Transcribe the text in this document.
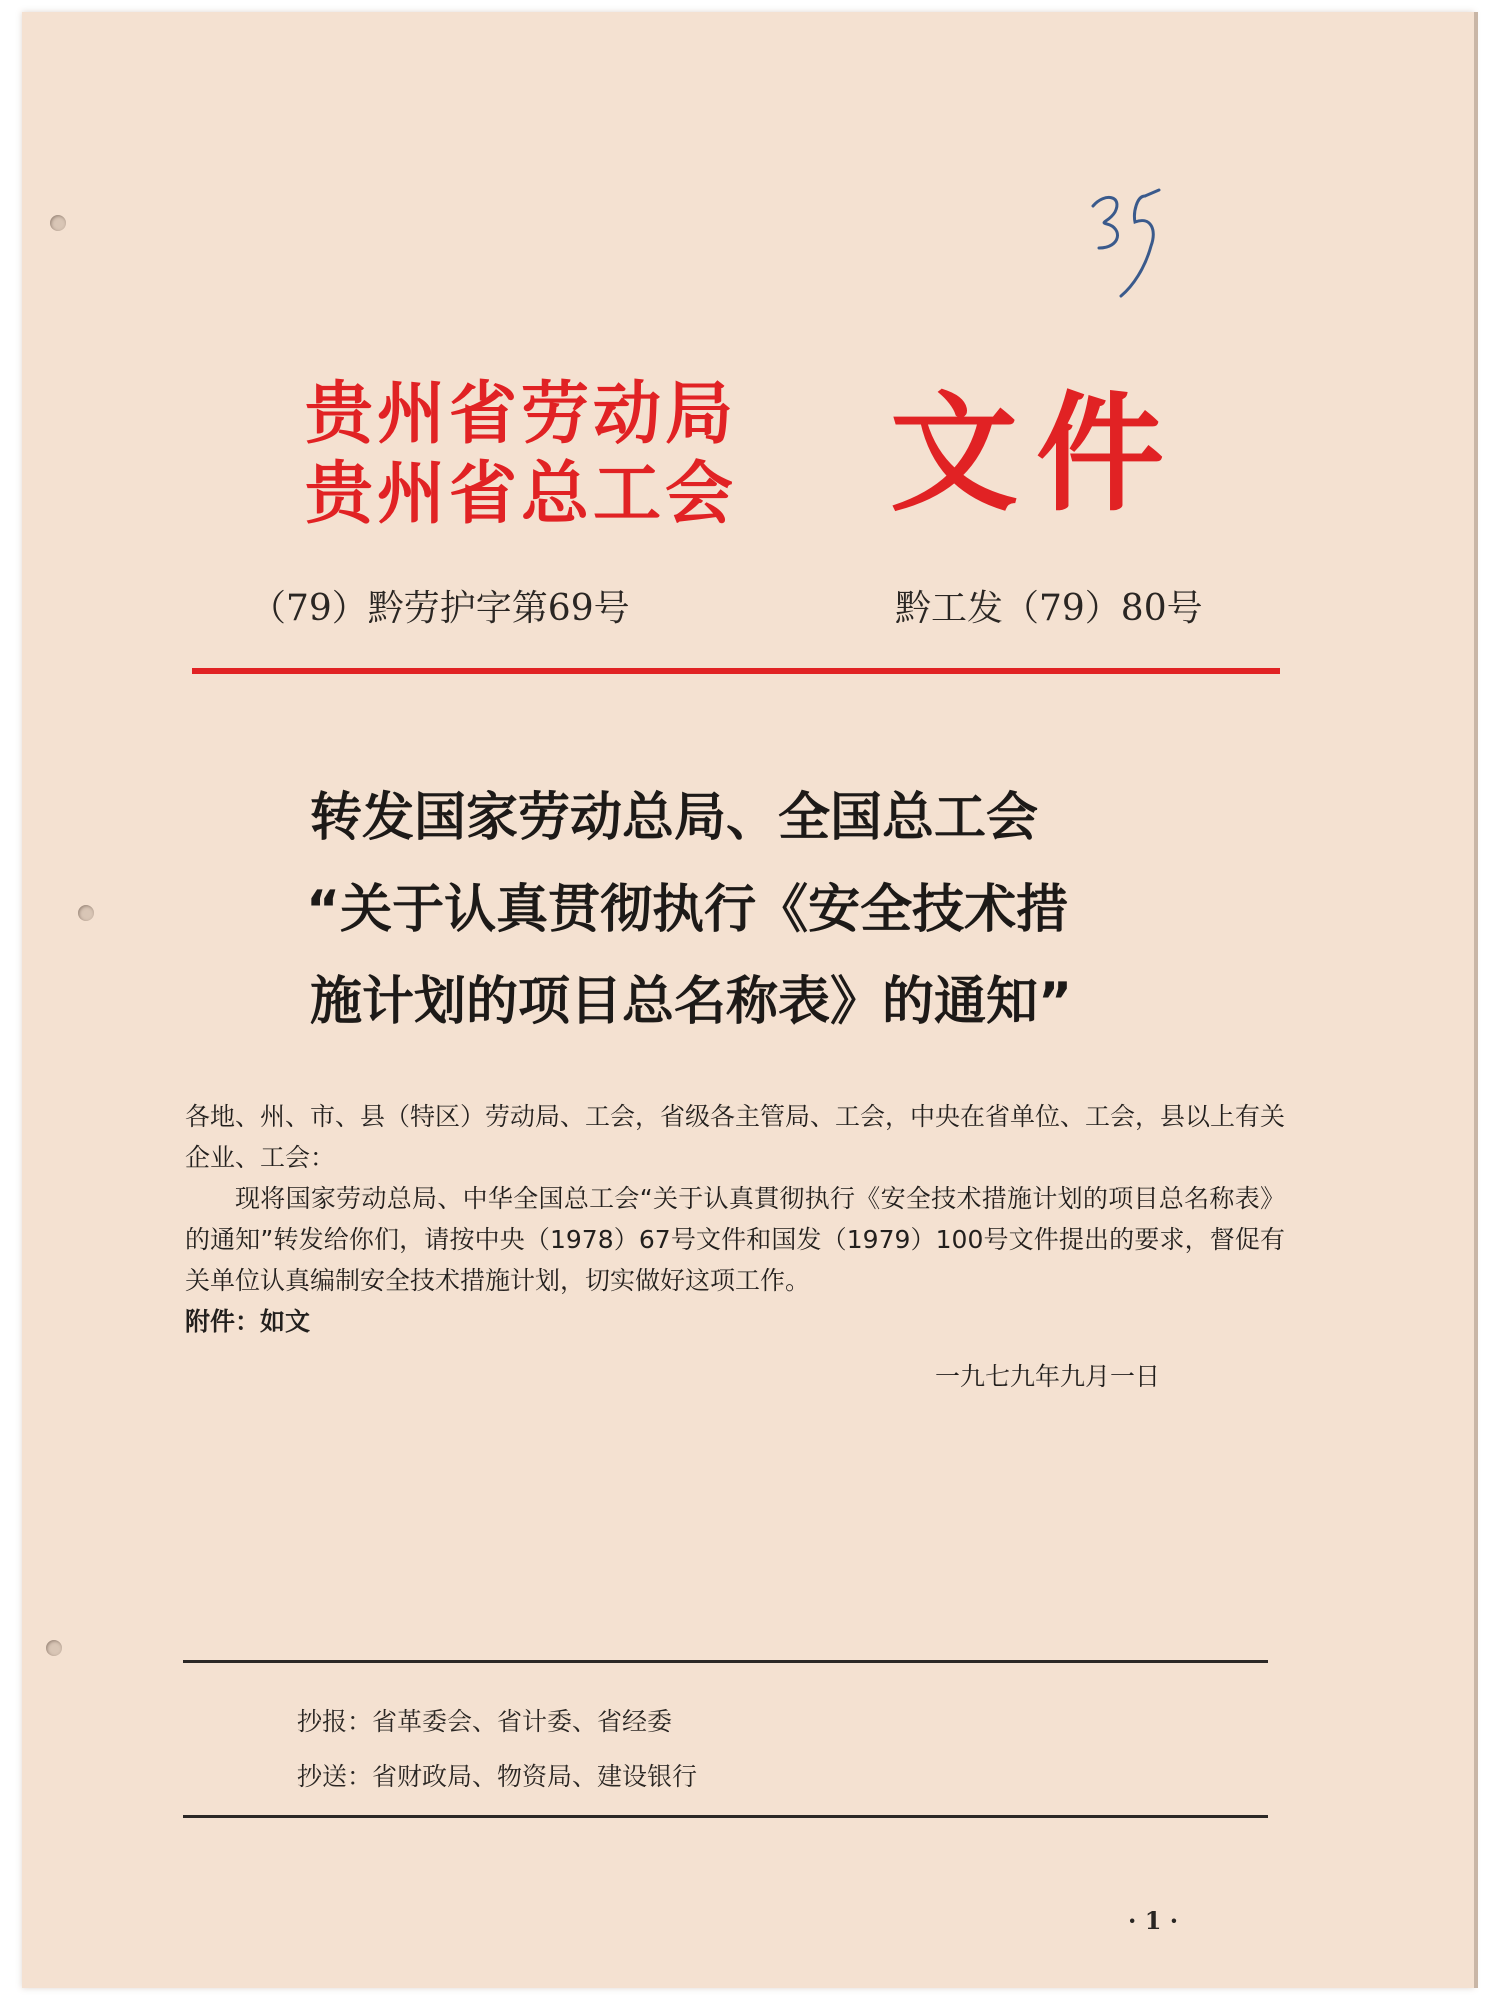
贵州省劳动局
贵州省总工会 文件
（79）黔劳护字第69号	黔工发（79）80号
转发国家劳动总局、全国总工会
“关于认真贯彻执行《安全技术措
施计划的项目总名称表》的通知”

各地、州、市、县（特区）劳动局、工会，省级各主管局、工会，中央在省单位、工会，县以上有关企业、工会：

现将国家劳动总局、中华全国总工会“关于认真貫彻执行《安全技术措施计划的项目总名称表》的通知”转发给你们，请按中央（1978）67号文件和国发（1979）100号文件提出的要求，督促有关单位认真编制安全技术措施计划，切实做好这项工作。

附件：如文

一九七九年九月一日
抄报：省革委会、省计委、省经委
抄送：省财政局、物资局、建设银行
· 1 ·
